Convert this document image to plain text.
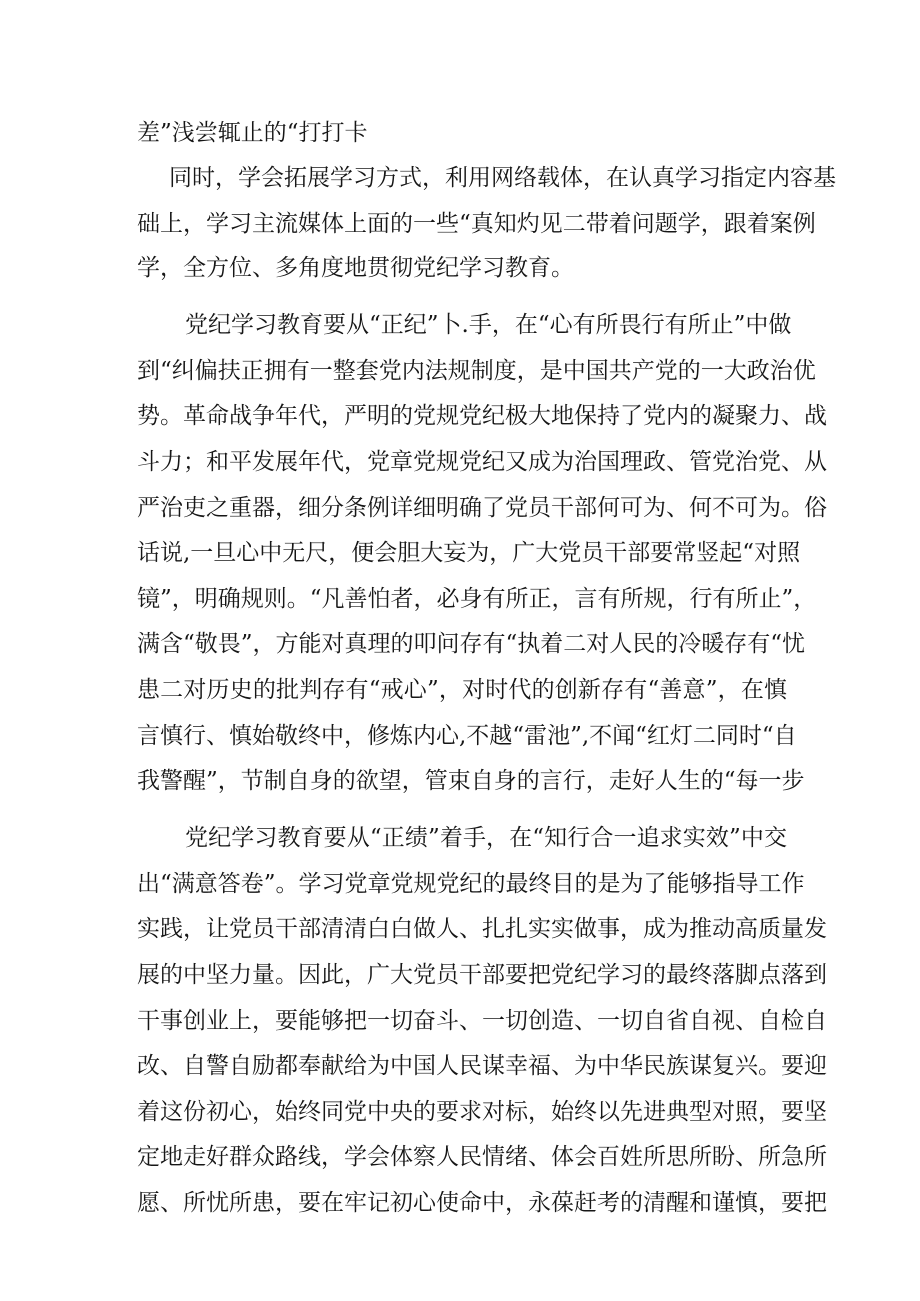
差”浅尝辄止的“打打卡
同时，学会拓展学习方式，利用网络载体，在认真学习指定内容基
础上，学习主流媒体上面的一些“真知灼见二带着问题学，跟着案例
学，全方位、多角度地贯彻党纪学习教育。
党纪学习教育要从“正纪”卜.手，在“心有所畏行有所止”中做
到“纠偏扶正拥有一整套党内法规制度，是中国共产党的一大政治优
势。革命战争年代，严明的党规党纪极大地保持了党内的凝聚力、战
斗力；和平发展年代，党章党规党纪又成为治国理政、管党治党、从
严治吏之重器，细分条例详细明确了党员干部何可为、何不可为。俗
话说,一旦心中无尺，便会胆大妄为，广大党员干部要常竖起“对照
镜”，明确规则。“凡善怕者，必身有所正，言有所规，行有所止”，
满含“敬畏”，方能对真理的叩问存有“执着二对人民的冷暖存有“忧
患二对历史的批判存有“戒心”，对时代的创新存有“善意”，在慎
言慎行、慎始敬终中，修炼内心,不越“雷池”,不闻“红灯二同时“自
我警醒”，节制自身的欲望，管束自身的言行，走好人生的“每一步
党纪学习教育要从“正绩”着手，在“知行合一追求实效”中交
出“满意答卷”。学习党章党规党纪的最终目的是为了能够指导工作
实践，让党员干部清清白白做人、扎扎实实做事，成为推动高质量发
展的中坚力量。因此，广大党员干部要把党纪学习的最终落脚点落到
干事创业上，要能够把一切奋斗、一切创造、一切自省自视、自检自
改、自警自励都奉献给为中国人民谋幸福、为中华民族谋复兴。要迎
着这份初心，始终同党中央的要求对标，始终以先进典型对照，要坚
定地走好群众路线，学会体察人民情绪、体会百姓所思所盼、所急所
愿、所忧所患，要在牢记初心使命中，永葆赶考的清醒和谨慎，要把
